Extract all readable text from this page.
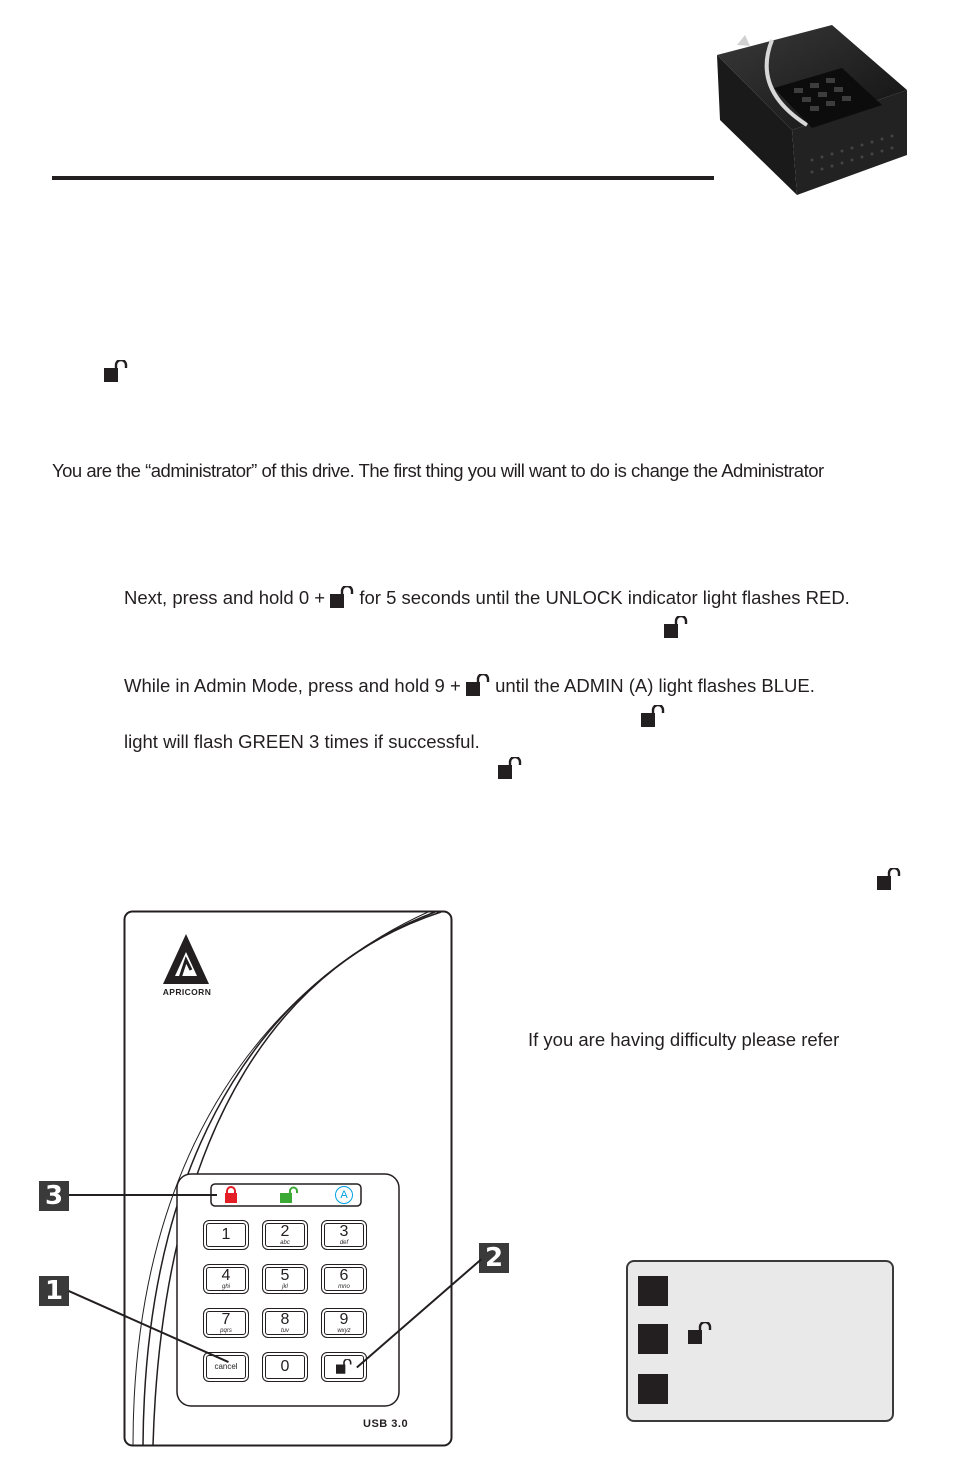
You are the “administrator” of this drive. The first thing you will want to do is change the Administrator
Next, press and hold 0 +
for 5 seconds until the UNLOCK indicator light flashes RED.
While in Admin Mode, press and hold 9 +
until the ADMIN (A) light flashes BLUE.
light will flash GREEN 3 times if successful.
If you are having difficulty please refer
APRICORN
A
1	2
abc
3
def
4
ghi
5
jkl
6
mno
7
pqrs
8
tuv
9
wxyz
cancel	0
USB 3.0
3
1
2
